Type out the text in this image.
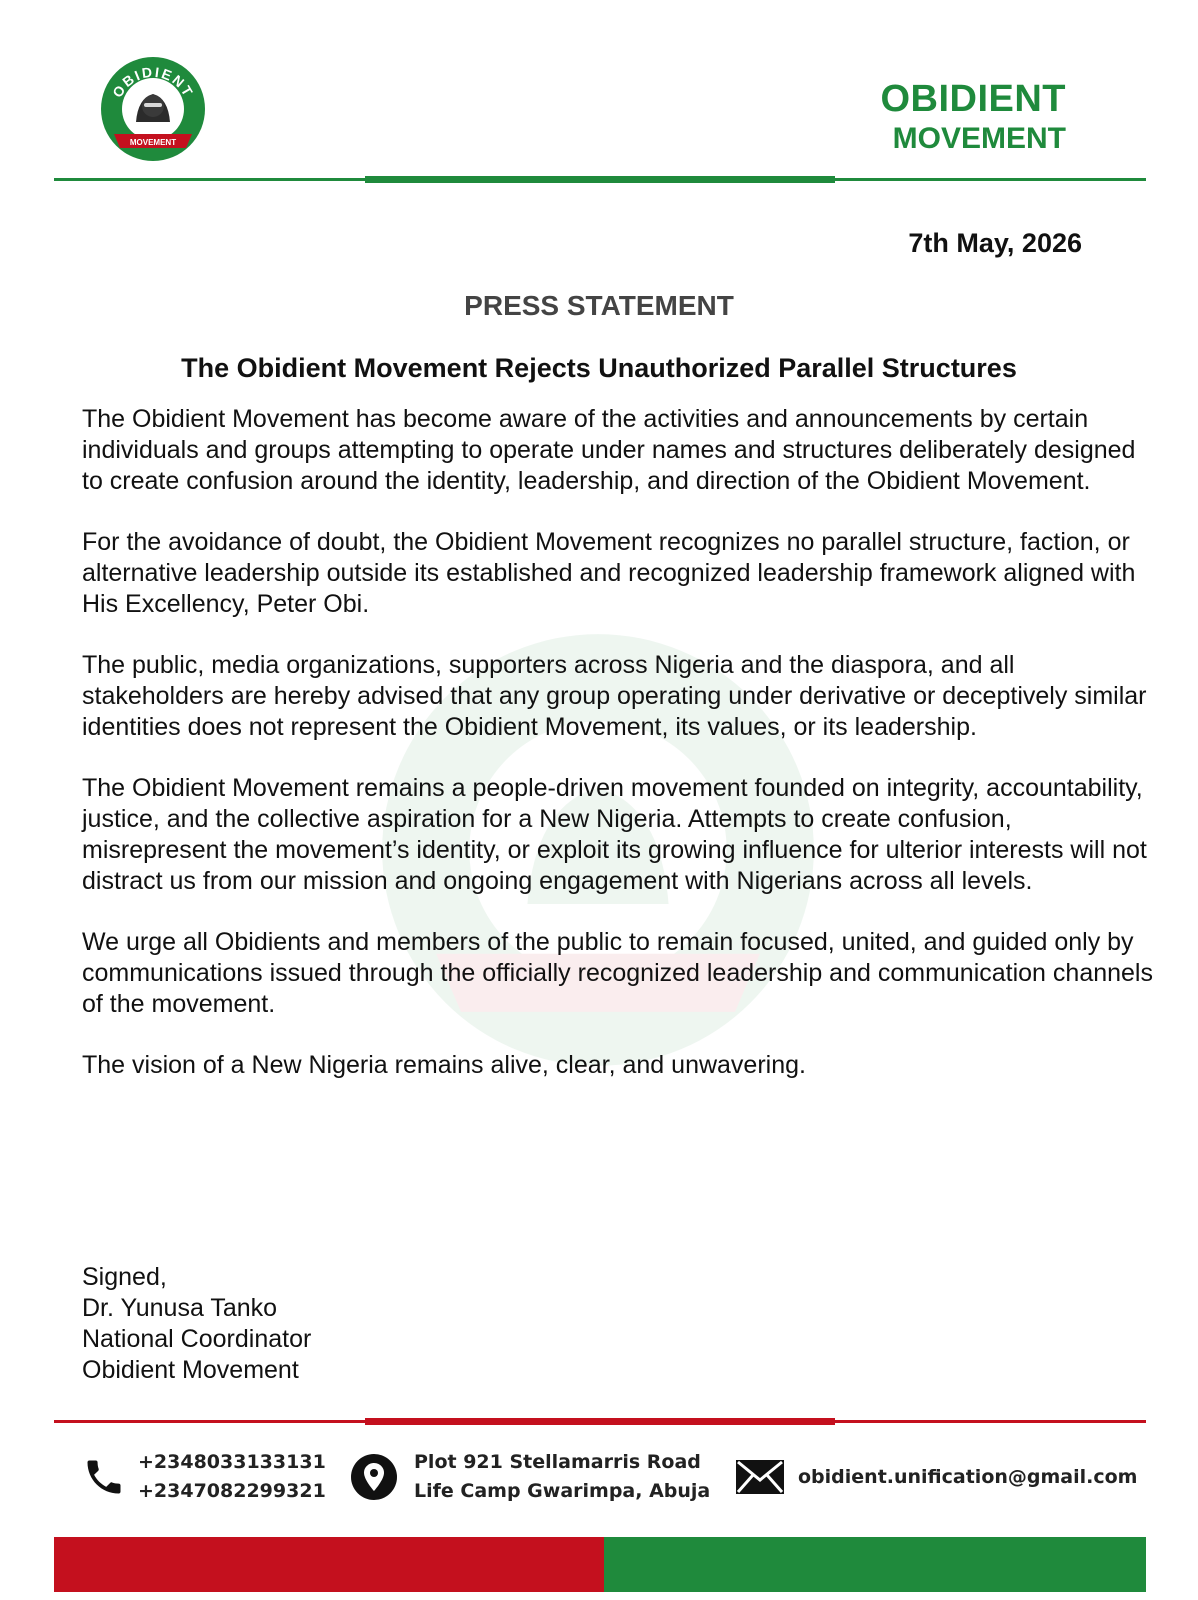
OBIDIENT
MOVEMENT
OBIDIENT
MOVEMENT
7th May, 2026
PRESS STATEMENT
The Obidient Movement Rejects Unauthorized Parallel Structures

The Obidient Movement has become aware of the activities and announcements by certain individuals and groups attempting to operate under names and structures deliberately designed to create confusion around the identity, leadership, and direction of the Obidient Movement.

For the avoidance of doubt, the Obidient Movement recognizes no parallel structure, faction, or alternative leadership outside its established and recognized leadership framework aligned with His Excellency, Peter Obi.

The public, media organizations, supporters across Nigeria and the diaspora, and all stakeholders are hereby advised that any group operating under derivative or deceptively similar identities does not represent the Obidient Movement, its values, or its leadership.

The Obidient Movement remains a people-driven movement founded on integrity, accountability, justice, and the collective aspiration for a New Nigeria. Attempts to create confusion, misrepresent the movement’s identity, or exploit its growing influence for ulterior interests will not distract us from our mission and ongoing engagement with Nigerians across all levels.

We urge all Obidients and members of the public to remain focused, united, and guided only by communications issued through the officially recognized leadership and communication channels of the movement.

The vision of a New Nigeria remains alive, clear, and unwavering.

Signed,
Dr. Yunusa Tanko
National Coordinator
Obidient Movement
+2348033133131
+2347082299321
Plot 921 Stellamarris Road
Life Camp Gwarimpa, Abuja
obidient.unification@gmail.com
